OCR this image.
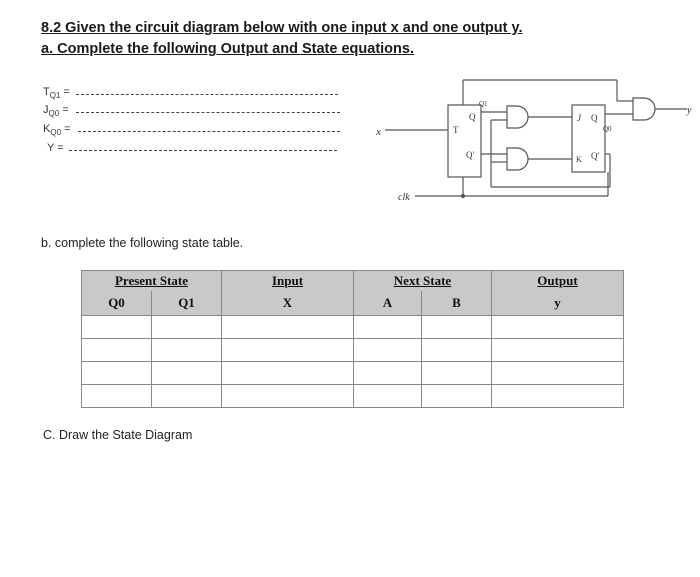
8.2 Given the circuit diagram below with one input x and one output y.
a. Complete the following Output and State equations.
$T_{Q1}$ =
$J_{Q0}$ =
$K_{Q0}$ =
Y =
x	T
Q
Q'
Q1
clk
J Q
K Q'
Q0
y
b. complete the following state table.
Present State		Input	Next State		Output
Q0	Q1	X	A	B	y

C. Draw the State Diagram
